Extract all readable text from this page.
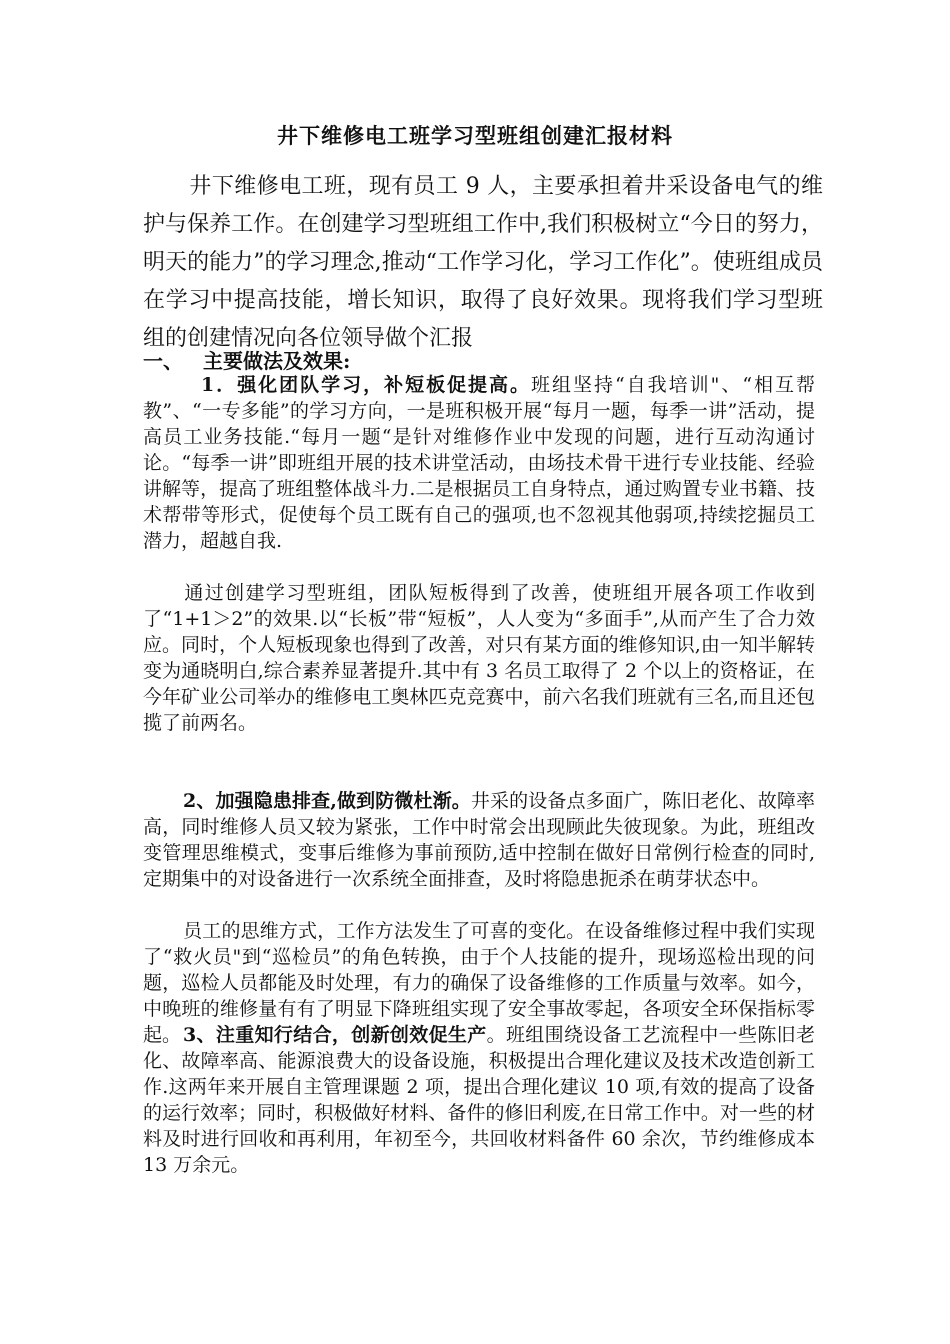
井下维修电工班学习型班组创建汇报材料

井下维修电工班，现有员工 9 人，主要承担着井采设备电气的维护与保养工作。在创建学习型班组工作中,我们积极树立“今日的努力，明天的能力”的学习理念,推动“工作学习化，学习工作化”。使班组成员在学习中提高技能，增长知识，取得了良好效果。现将我们学习型班组的创建情况向各位领导做个汇报

一、 主要做法及效果:

1．强化团队学习，补短板促提高。班组坚持“自我培训"、“相互帮教”、“一专多能”的学习方向，一是班积极开展“每月一题，每季一讲”活动，提高员工业务技能.“每月一题“是针对维修作业中发现的问题，进行互动沟通讨论。“每季一讲”即班组开展的技术讲堂活动，由场技术骨干进行专业技能、经验讲解等，提高了班组整体战斗力.二是根据员工自身特点，通过购置专业书籍、技术帮带等形式，促使每个员工既有自己的强项,也不忽视其他弱项,持续挖掘员工潜力，超越自我.

通过创建学习型班组，团队短板得到了改善，使班组开展各项工作收到了“1+1＞2”的效果.以“长板”带“短板”，人人变为“多面手”,从而产生了合力效应。同时，个人短板现象也得到了改善，对只有某方面的维修知识,由一知半解转变为通晓明白,综合素养显著提升.其中有 3 名员工取得了 2 个以上的资格证，在今年矿业公司举办的维修电工奥林匹克竞赛中，前六名我们班就有三名,而且还包揽了前两名。

2、加强隐患排查,做到防微杜渐。井采的设备点多面广，陈旧老化、故障率高，同时维修人员又较为紧张，工作中时常会出现顾此失彼现象。为此，班组改变管理思维模式，变事后维修为事前预防,适中控制在做好日常例行检查的同时,定期集中的对设备进行一次系统全面排查，及时将隐患扼杀在萌芽状态中。

员工的思维方式，工作方法发生了可喜的变化。在设备维修过程中我们实现了“救火员"到“巡检员”的角色转换，由于个人技能的提升，现场巡检出现的问题，巡检人员都能及时处理，有力的确保了设备维修的工作质量与效率。如今，中晚班的维修量有有了明显下降班组实现了安全事故零起，各项安全环保指标零起。 3、注重知行结合，创新创效促生产。班组围绕设备工艺流程中一些陈旧老化、故障率高、能源浪费大的设备设施，积极提出合理化建议及技术改造创新工作.这两年来开展自主管理课题 2 项，提出合理化建议 10 项,有效的提高了设备的运行效率；同时，积极做好材料、备件的修旧利废,在日常工作中。对一些的材料及时进行回收和再利用，年初至今，共回收材料备件 60 余次，节约维修成本 13 万余元。
